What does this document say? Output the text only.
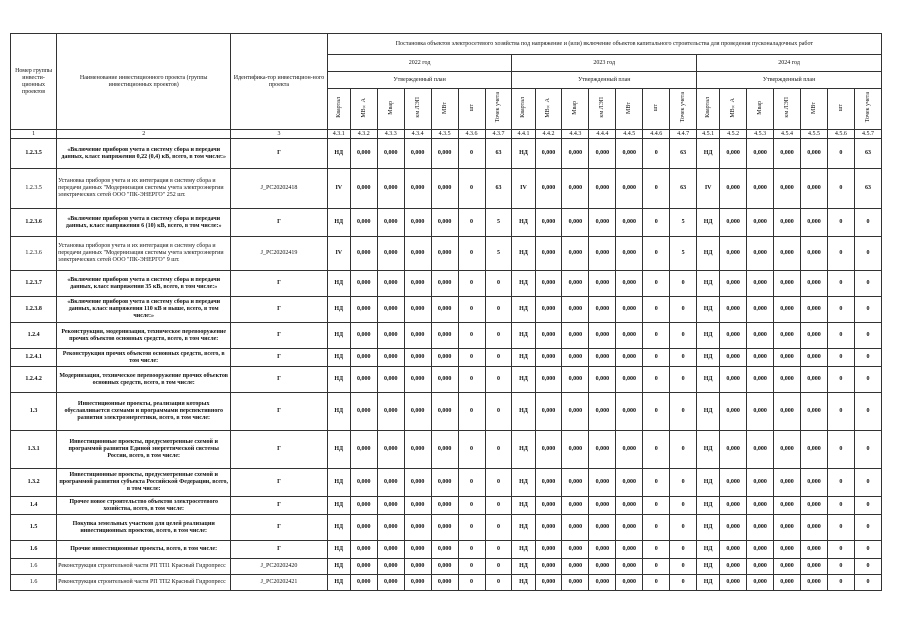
Номер группы инвести-ционных проектов	Наименование инвестиционного проекта (группы инвестиционных проектов)	Идентифика-тор инвестицион-ного проекта	Постановка объектов электросетевого хозяйства под напряжение и (или) включение объектов капитального строительства для проведения пусконаладочных работ																				
			2022 год							2023 год							2024 год						
			Утвержденный план							Утвержденный план							Утвержденный план						
			Квартал	МВ×А	Мвар	км ЛЭП	МВт	шт	Точек учета	Квартал	МВ×А	Мвар	км ЛЭП	МВт	шт	Точек учета	Квартал	МВ×А	Мвар	км ЛЭП	МВт	шт	Точек учета
1	2	3	4.3.1	4.3.2	4.3.3	4.3.4	4.3.5	4.3.6	4.3.7	4.4.1	4.4.2	4.4.3	4.4.4	4.4.5	4.4.6	4.4.7	4.5.1	4.5.2	4.5.3	4.5.4	4.5.5	4.5.6	4.5.7
1.2.3.5	«Включение приборов учета в систему сбора и передачи данных, класс напряжения 0,22 (0,4) кВ, всего, в том числе:»	Г	НД	0,000	0,000	0,000	0,000	0	63	НД	0,000	0,000	0,000	0,000	0	63	НД	0,000	0,000	0,000	0,000	0	63
1.2.3.5	Установка приборов учета и их интеграция в систему сбора и передачи данных "Модернизация системы учета электроэнергии электрических сетей ООО "ПК-ЭНЕРГО" 252 шт.	J_PC20202418	IV	0,000	0,000	0,000	0,000	0	63	IV	0,000	0,000	0,000	0,000	0	63	IV	0,000	0,000	0,000	0,000	0	63
1.2.3.6	«Включение приборов учета в систему сбора и передачи данных, класс напряжения 6 (10) кВ, всего, в том числе:»	Г	НД	0,000	0,000	0,000	0,000	0	5	НД	0,000	0,000	0,000	0,000	0	5	НД	0,000	0,000	0,000	0,000	0	0
1.2.3.6	Установка приборов учета и их интеграция в систему сбора и передачи данных "Модернизация системы учета электроэнергии электрических сетей ООО "ПК-ЭНЕРГО" 9 шт.	J_PC20202419	IV	0,000	0,000	0,000	0,000	0	5	НД	0,000	0,000	0,000	0,000	0	5	НД	0,000	0,000	0,000	0,000	0	0
1.2.3.7	«Включение приборов учета в систему сбора и передачи данных, класс напряжения 35 кВ, всего, в том числе:»	Г	НД	0,000	0,000	0,000	0,000	0	0	НД	0,000	0,000	0,000	0,000	0	0	НД	0,000	0,000	0,000	0,000	0	0
1.2.3.8	«Включение приборов учета в систему сбора и передачи данных, класс напряжения 110 кВ и выше, всего, в том числе:»	Г	НД	0,000	0,000	0,000	0,000	0	0	НД	0,000	0,000	0,000	0,000	0	0	НД	0,000	0,000	0,000	0,000	0	0
1.2.4	Реконструкция, модернизация, техническое перевооружение прочих объектов основных средств, всего, в том числе:	Г	НД	0,000	0,000	0,000	0,000	0	0	НД	0,000	0,000	0,000	0,000	0	0	НД	0,000	0,000	0,000	0,000	0	0
1.2.4.1	Реконструкция прочих объектов основных средств, всего, в том числе:	Г	НД	0,000	0,000	0,000	0,000	0	0	НД	0,000	0,000	0,000	0,000	0	0	НД	0,000	0,000	0,000	0,000	0	0
1.2.4.2	Модернизация, техническое перевооружение прочих объектов основных средств, всего, в том числе:	Г	НД	0,000	0,000	0,000	0,000	0	0	НД	0,000	0,000	0,000	0,000	0	0	НД	0,000	0,000	0,000	0,000	0	0
1.3	Инвестиционные проекты, реализация которых обуславливается схемами и программами перспективного развития электроэнергетики, всего, в том числе:	Г	НД	0,000	0,000	0,000	0,000	0	0	НД	0,000	0,000	0,000	0,000	0	0	НД	0,000	0,000	0,000	0,000	0	0
1.3.1	Инвестиционные проекты, предусмотренные схемой и программой развития Единой энергетической системы России, всего, в том числе:	Г	НД	0,000	0,000	0,000	0,000	0	0	НД	0,000	0,000	0,000	0,000	0	0	НД	0,000	0,000	0,000	0,000	0	0
1.3.2	Инвестиционные проекты, предусмотренные схемой и программой развития субъекта Российской Федерации, всего, в том числе:	Г	НД	0,000	0,000	0,000	0,000	0	0	НД	0,000	0,000	0,000	0,000	0	0	НД	0,000	0,000	0,000	0,000	0	0
1.4	Прочее новое строительство объектов электросетевого хозяйства, всего, в том числе:	Г	НД	0,000	0,000	0,000	0,000	0	0	НД	0,000	0,000	0,000	0,000	0	0	НД	0,000	0,000	0,000	0,000	0	0
1.5	Покупка земельных участков для целей реализации инвестиционных проектов, всего, в том числе:	Г	НД	0,000	0,000	0,000	0,000	0	0	НД	0,000	0,000	0,000	0,000	0	0	НД	0,000	0,000	0,000	0,000	0	0
1.6	Прочие инвестиционные проекты, всего, в том числе:	Г	НД	0,000	0,000	0,000	0,000	0	0	НД	0,000	0,000	0,000	0,000	0	0	НД	0,000	0,000	0,000	0,000	0	0
1.6	Реконструкция строительной части РП ТП1 Красный Гидропресс	J_PC20202420	НД	0,000	0,000	0,000	0,000	0	0	НД	0,000	0,000	0,000	0,000	0	0	НД	0,000	0,000	0,000	0,000	0	0
1.6	Реконструкция строительной части РП ТП2 Красный Гидропресс	J_PC20202421	НД	0,000	0,000	0,000	0,000	0	0	НД	0,000	0,000	0,000	0,000	0	0	НД	0,000	0,000	0,000	0,000	0	0
